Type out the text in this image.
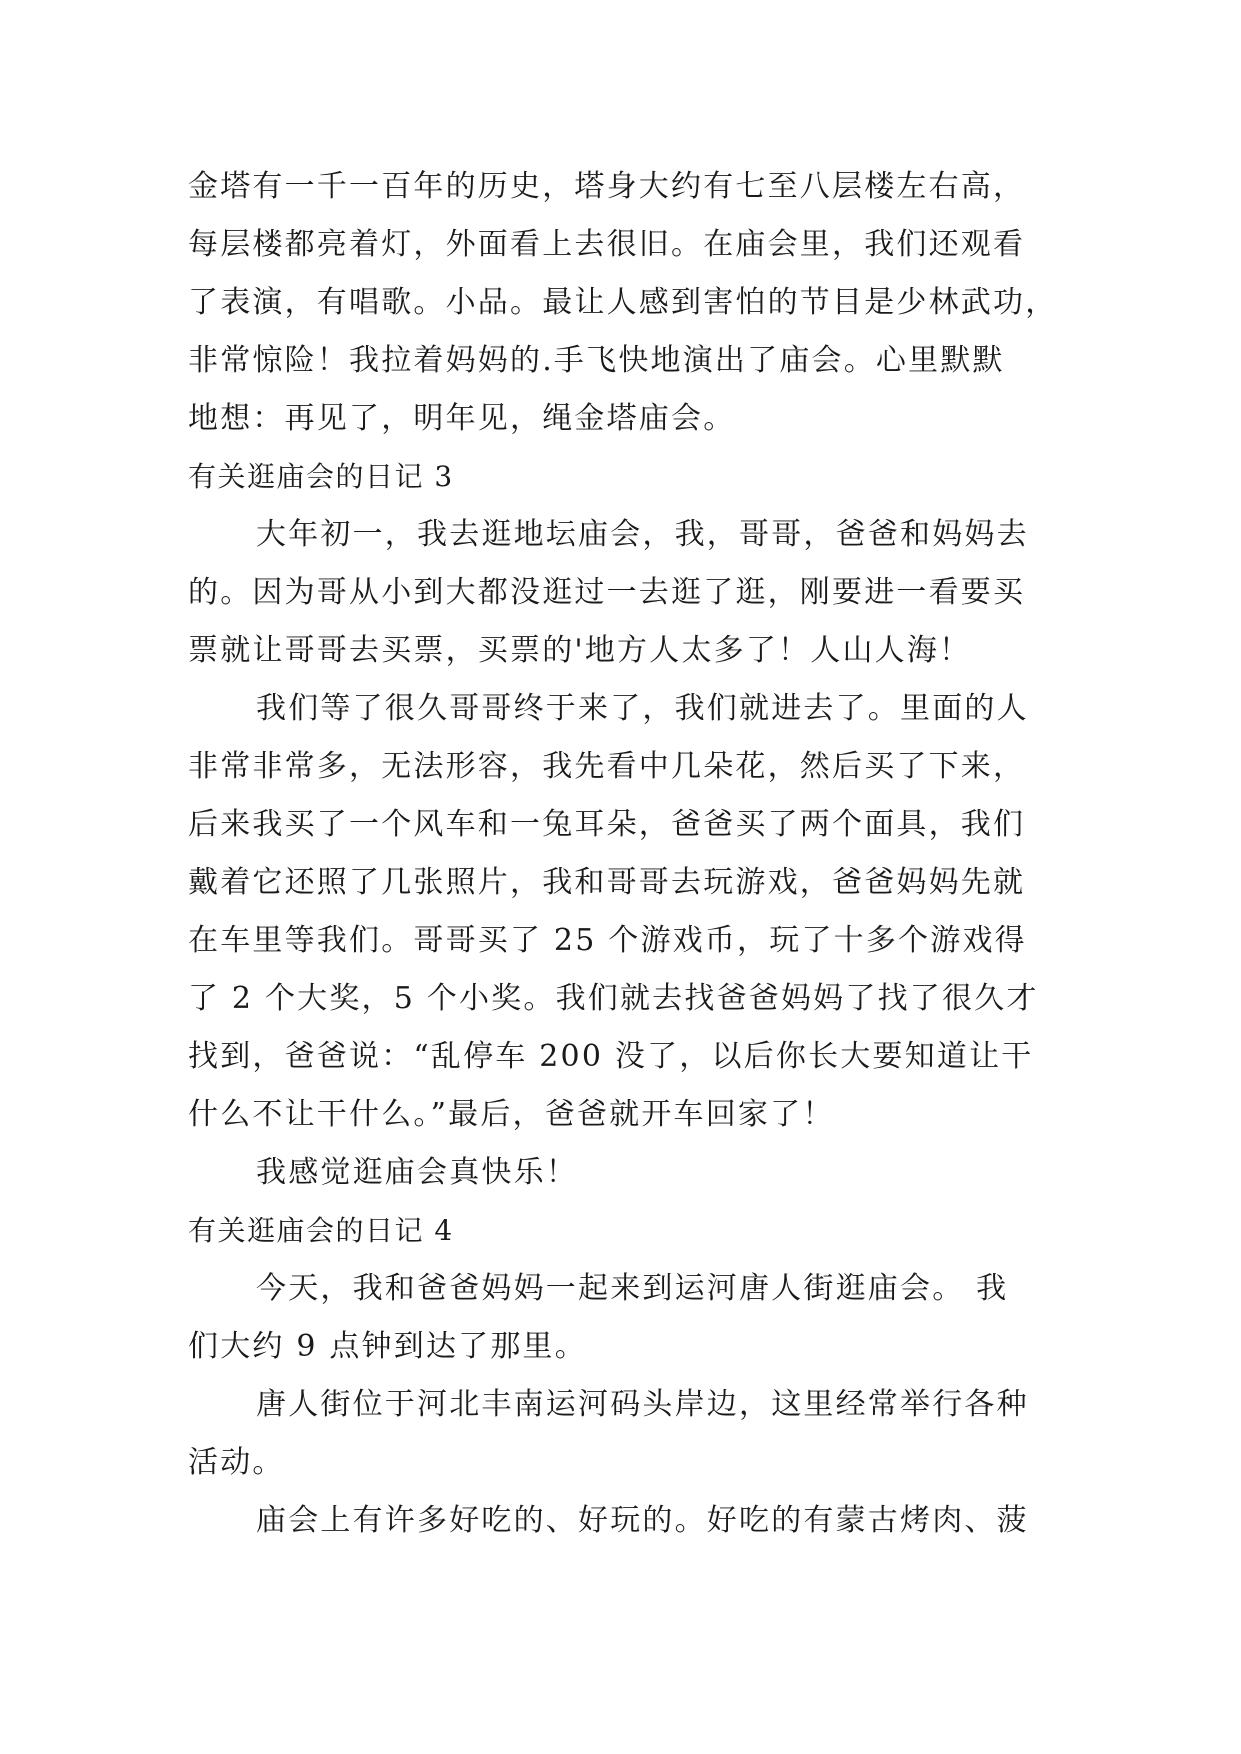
金塔有一千一百年的历史，塔身大约有七至八层楼左右高，
每层楼都亮着灯，外面看上去很旧。在庙会里，我们还观看
了表演，有唱歌。小品。最让人感到害怕的节目是少林武功，
非常惊险！我拉着妈妈的.手飞快地演出了庙会。心里默默
地想：再见了，明年见，绳金塔庙会。
有关逛庙会的日记 3
大年初一，我去逛地坛庙会，我，哥哥，爸爸和妈妈去
的。因为哥从小到大都没逛过一去逛了逛，刚要进一看要买
票就让哥哥去买票，买票的'地方人太多了！人山人海！
我们等了很久哥哥终于来了，我们就进去了。里面的人
非常非常多，无法形容，我先看中几朵花，然后买了下来，
后来我买了一个风车和一兔耳朵，爸爸买了两个面具，我们
戴着它还照了几张照片，我和哥哥去玩游戏，爸爸妈妈先就
在车里等我们。哥哥买了 25 个游戏币，玩了十多个游戏得
了 2 个大奖，5 个小奖。我们就去找爸爸妈妈了找了很久才
找到，爸爸说：“乱停车 200 没了，以后你长大要知道让干
什么不让干什么。”最后，爸爸就开车回家了！
我感觉逛庙会真快乐！
有关逛庙会的日记 4
今天，我和爸爸妈妈一起来到运河唐人街逛庙会。 我
们大约 9 点钟到达了那里。
唐人街位于河北丰南运河码头岸边，这里经常举行各种
活动。
庙会上有许多好吃的、好玩的。好吃的有蒙古烤肉、菠
